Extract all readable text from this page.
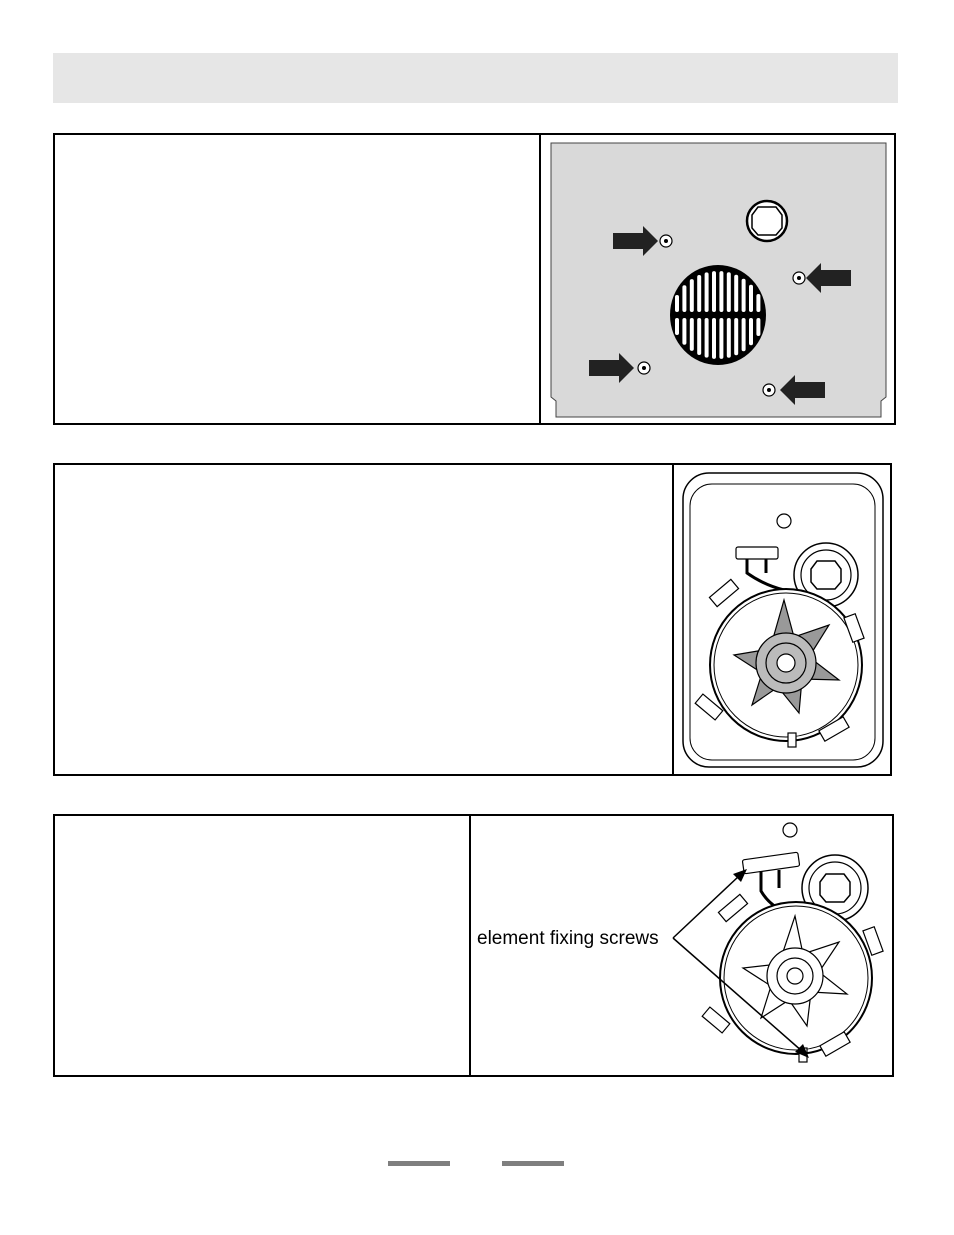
element fixing screws
